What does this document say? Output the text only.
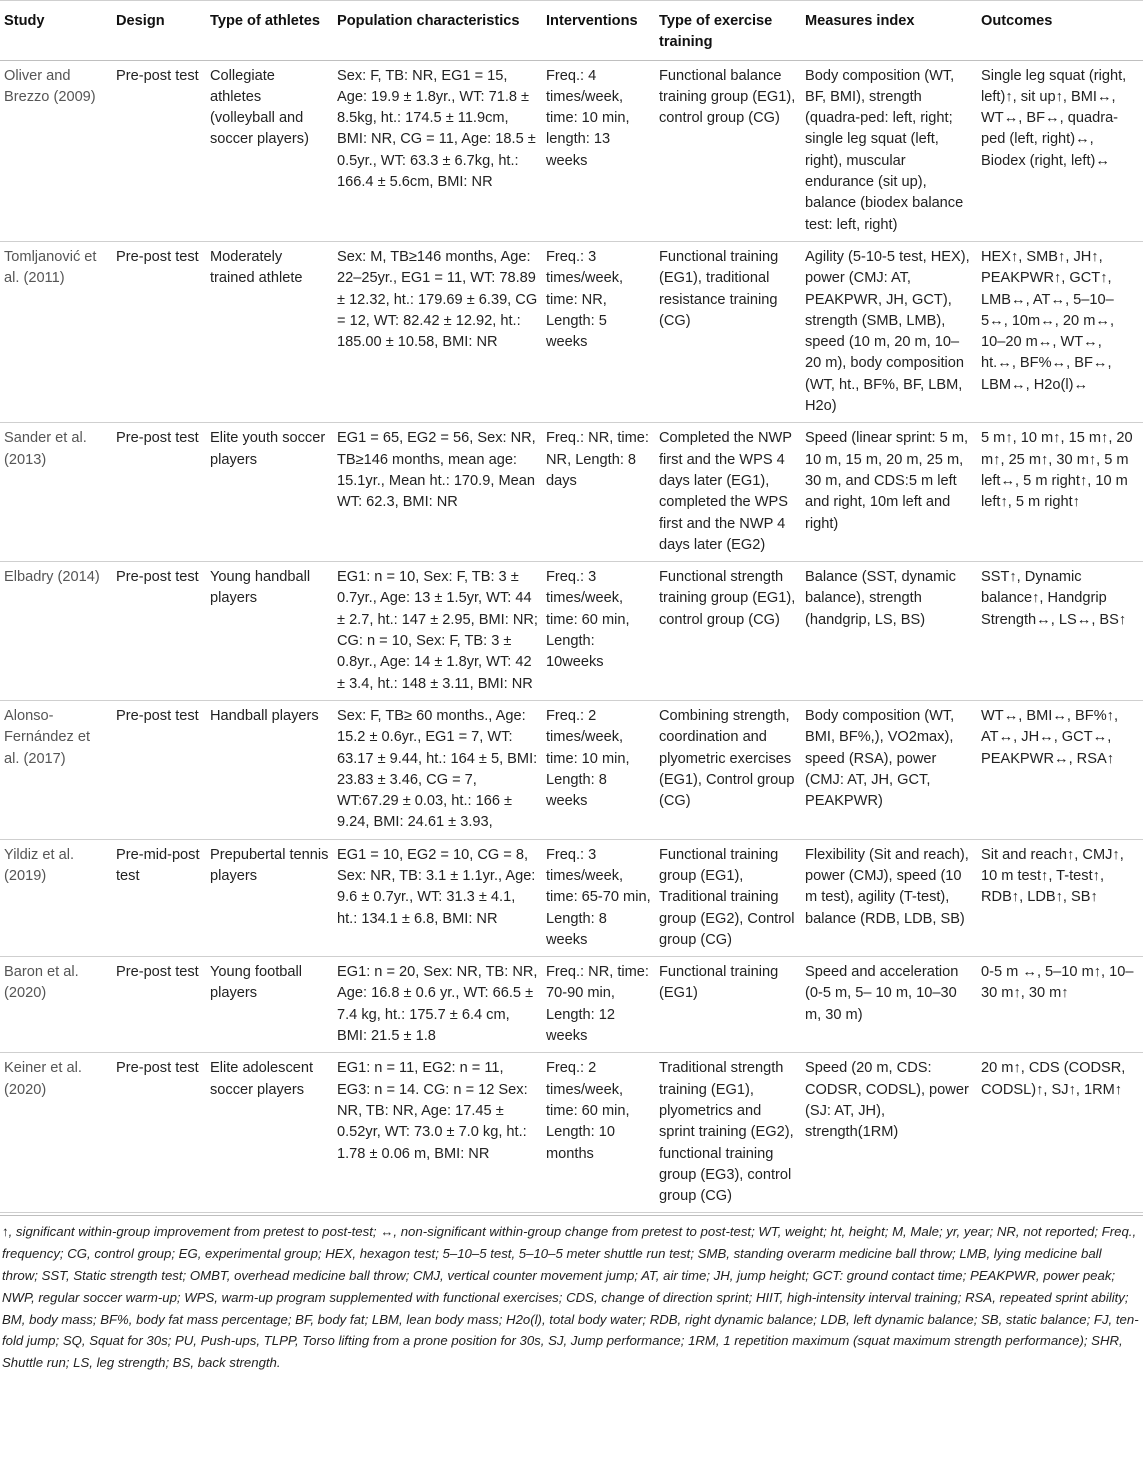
Study	Design	Type of athletes	Population characteristics	Interventions	Type of exercise training	Measures index	Outcomes
Oliver and Brezzo (2009)	Pre-post test	Collegiate athletes (volleyball and soccer players)	Sex: F, TB: NR, EG1 = 15, Age: 19.9 ± 1.8yr., WT: 71.8 ± 8.5kg, ht.: 174.5 ± 11.9cm, BMI: NR, CG = 11, Age: 18.5 ± 0.5yr., WT: 63.3 ± 6.7kg, ht.: 166.4 ± 5.6cm, BMI: NR	Freq.: 4 times/week, time: 10 min, length: 13 weeks	Functional balance training group (EG1), control group (CG)	Body composition (WT, BF, BMI), strength (quadra-ped: left, right; single leg squat (left, right), muscular endurance (sit up), balance (biodex balance test: left, right)	Single leg squat (right, left)↑, sit up↑, BMI↔, WT↔, BF↔, quadra-ped (left, right)↔, Biodex (right, left)↔
Tomljanović et al. (2011)	Pre-post test	Moderately trained athlete	Sex: M, TB≥146 months, Age: 22–25yr., EG1 = 11, WT: 78.89 ± 12.32, ht.: 179.69 ± 6.39, CG = 12, WT: 82.42 ± 12.92, ht.: 185.00 ± 10.58, BMI: NR	Freq.: 3 times/week, time: NR, Length: 5 weeks	Functional training (EG1), traditional resistance training (CG)	Agility (5-10-5 test, HEX), power (CMJ: AT, PEAKPWR, JH, GCT), strength (SMB, LMB), speed (10 m, 20 m, 10–20 m), body composition (WT, ht., BF%, BF, LBM, H2o)	HEX↑, SMB↑, JH↑, PEAKPWR↑, GCT↑, LMB↔, AT↔, 5–10–5↔, 10m↔, 20 m↔, 10–20 m↔, WT↔, ht.↔, BF%↔, BF↔, LBM↔, H2o(l)↔
Sander et al. (2013)	Pre-post test	Elite youth soccer players	EG1 = 65, EG2 = 56, Sex: NR, TB≥146 months, mean age: 15.1yr., Mean ht.: 170.9, Mean WT: 62.3, BMI: NR	Freq.: NR, time: NR, Length: 8 days	Completed the NWP first and the WPS 4 days later (EG1), completed the WPS first and the NWP 4 days later (EG2)	Speed (linear sprint: 5 m, 10 m, 15 m, 20 m, 25 m, 30 m, and CDS:5 m left and right, 10m left and right)	5 m↑, 10 m↑, 15 m↑, 20 m↑, 25 m↑, 30 m↑, 5 m left↔, 5 m right↑, 10 m left↑, 5 m right↑
Elbadry (2014)	Pre-post test	Young handball players	EG1: n = 10, Sex: F, TB: 3 ± 0.7yr., Age: 13 ± 1.5yr, WT: 44 ± 2.7, ht.: 147 ± 2.95, BMI: NR; CG: n = 10, Sex: F, TB: 3 ± 0.8yr., Age: 14 ± 1.8yr, WT: 42 ± 3.4, ht.: 148 ± 3.11, BMI: NR	Freq.: 3 times/week, time: 60 min, Length: 10weeks	Functional strength training group (EG1), control group (CG)	Balance (SST, dynamic balance), strength (handgrip, LS, BS)	SST↑, Dynamic balance↑, Handgrip Strength↔, LS↔, BS↑
Alonso-Fernández et al. (2017)	Pre-post test	Handball players	Sex: F, TB≥ 60 months., Age: 15.2 ± 0.6yr., EG1 = 7, WT: 63.17 ± 9.44, ht.: 164 ± 5, BMI: 23.83 ± 3.46, CG = 7, WT:67.29 ± 0.03, ht.: 166 ± 9.24, BMI: 24.61 ± 3.93,	Freq.: 2 times/week, time: 10 min, Length: 8 weeks	Combining strength, coordination and plyometric exercises (EG1), Control group (CG)	Body composition (WT, BMI, BF%,), VO2max), speed (RSA), power (CMJ: AT, JH, GCT, PEAKPWR)	WT↔, BMI↔, BF%↑, AT↔, JH↔, GCT↔, PEAKPWR↔, RSA↑
Yildiz et al. (2019)	Pre-mid-post test	Prepubertal tennis players	EG1 = 10, EG2 = 10, CG = 8, Sex: NR, TB: 3.1 ± 1.1yr., Age: 9.6 ± 0.7yr., WT: 31.3 ± 4.1, ht.: 134.1 ± 6.8, BMI: NR	Freq.: 3 times/week, time: 65-70 min, Length: 8 weeks	Functional training group (EG1), Traditional training group (EG2), Control group (CG)	Flexibility (Sit and reach), power (CMJ), speed (10 m test), agility (T-test), balance (RDB, LDB, SB)	Sit and reach↑, CMJ↑, 10 m test↑, T-test↑, RDB↑, LDB↑, SB↑
Baron et al. (2020)	Pre-post test	Young football players	EG1: n = 20, Sex: NR, TB: NR, Age: 16.8 ± 0.6 yr., WT: 66.5 ± 7.4 kg, ht.: 175.7 ± 6.4 cm, BMI: 21.5 ± 1.8	Freq.: NR, time: 70-90 min, Length: 12 weeks	Functional training (EG1)	Speed and acceleration (0-5 m, 5– 10 m, 10–30 m, 30 m)	0-5 m ↔, 5–10 m↑, 10–30 m↑, 30 m↑
Keiner et al. (2020)	Pre-post test	Elite adolescent soccer players	EG1: n = 11, EG2: n = 11, EG3: n = 14. CG: n = 12 Sex: NR, TB: NR, Age: 17.45 ± 0.52yr, WT: 73.0 ± 7.0 kg, ht.: 1.78 ± 0.06 m, BMI: NR	Freq.: 2 times/week, time: 60 min, Length: 10 months	Traditional strength training (EG1), plyometrics and sprint training (EG2), functional training group (EG3), control group (CG)	Speed (20 m, CDS: CODSR, CODSL), power (SJ: AT, JH), strength(1RM)	20 m↑, CDS (CODSR, CODSL)↑, SJ↑, 1RM↑
↑, significant within-group improvement from pretest to post-test; ↔, non-significant within-group change from pretest to post-test; WT, weight; ht, height; M, Male; yr, year; NR, not reported; Freq., frequency; CG, control group; EG, experimental group; HEX, hexagon test; 5–10–5 test, 5–10–5 meter shuttle run test; SMB, standing overarm medicine ball throw; LMB, lying medicine ball throw; SST, Static strength test; OMBT, overhead medicine ball throw; CMJ, vertical counter movement jump; AT, air time; JH, jump height; GCT: ground contact time; PEAKPWR, power peak; NWP, regular soccer warm-up; WPS, warm-up program supplemented with functional exercises; CDS, change of direction sprint; HIIT, high-intensity interval training; RSA, repeated sprint ability; BM, body mass; BF%, body fat mass percentage; BF, body fat; LBM, lean body mass; H2o(l), total body water; RDB, right dynamic balance; LDB, left dynamic balance; SB, static balance; FJ, ten-fold jump; SQ, Squat for 30s; PU, Push-ups, TLPP, Torso lifting from a prone position for 30s, SJ, Jump performance; 1RM, 1 repetition maximum (squat maximum strength performance); SHR, Shuttle run; LS, leg strength; BS, back strength.
